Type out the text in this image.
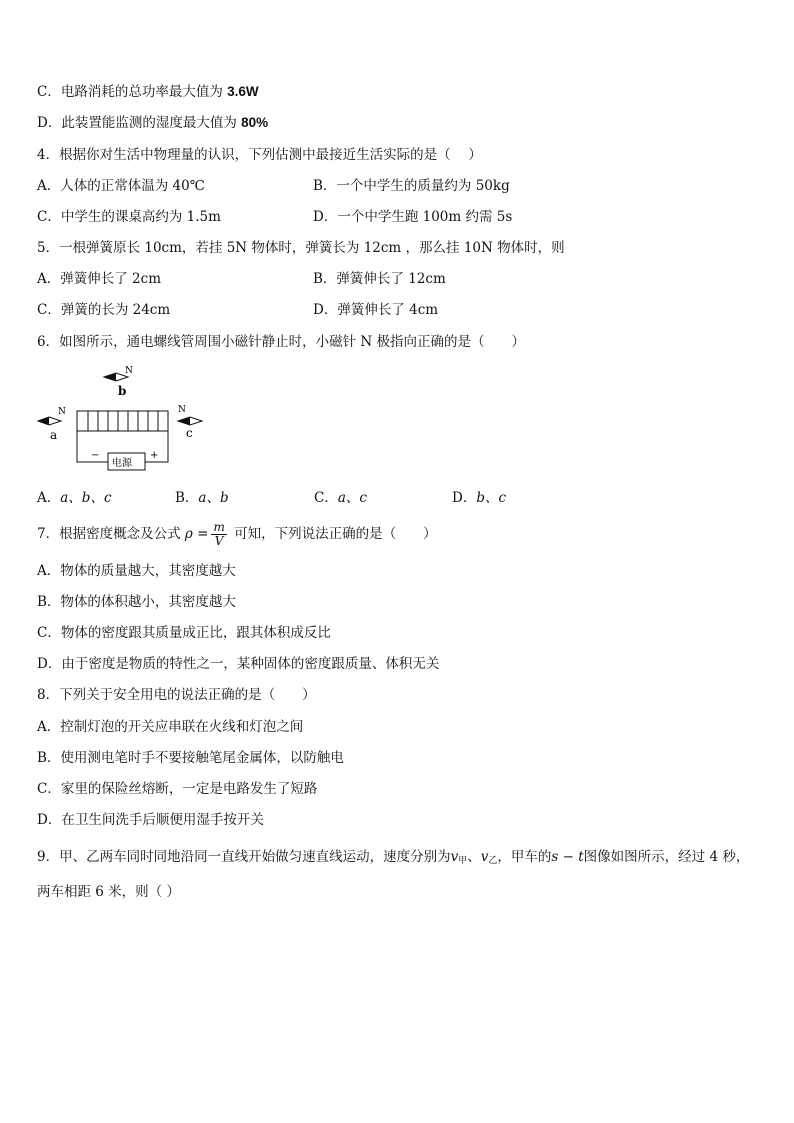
C．电路消耗的总功率最大值为 3.6W
D．此装置能监测的湿度最大值为 80%
4．根据你对生活中物理量的认识，下列估测中最接近生活实际的是（　 ）
A．人体的正常体温为 40℃	B．一个中学生的质量约为 50kg
C．中学生的课桌高约为 1.5m	D．一个中学生跑 100m 约需 5s
5．一根弹簧原长 10cm，若挂 5N 物体时，弹簧长为 12cm ，那么挂 10N 物体时，则
A．弹簧伸长了 2cm	B．弹簧伸长了 12cm
C．弹簧的长为 24cm	D．弹簧伸长了 4cm
6．如图所示，通电螺线管周围小磁针静止时，小磁针 N 极指向正确的是（　　）
N
b
N
a
N
c
电源
−	+
A．a、b、c	B．a、b	C．a、c	D．b、c
7．根据密度概念及公式 $\rho = \frac{m}{V}$ 可知，下列说法正确的是（　　）
A．物体的质量越大，其密度越大
B．物体的体积越小，其密度越大
C．物体的密度跟其质量成正比，跟其体积成反比
D．由于密度是物质的特性之一，某种固体的密度跟质量、体积无关
8．下列关于安全用电的说法正确的是（　　）
A．控制灯泡的开关应串联在火线和灯泡之间
B．使用测电笔时手不要接触笔尾金属体，以防触电
C．家里的保险丝熔断，一定是电路发生了短路
D．在卫生间洗手后顺便用湿手按开关
9．甲、乙两车同时同地沿同一直线开始做匀速直线运动，速度分别为$v_甲$、$v_乙$，甲车的s − t图像如图所示，经过 4 秒，
两车相距 6 米，则（ ）
